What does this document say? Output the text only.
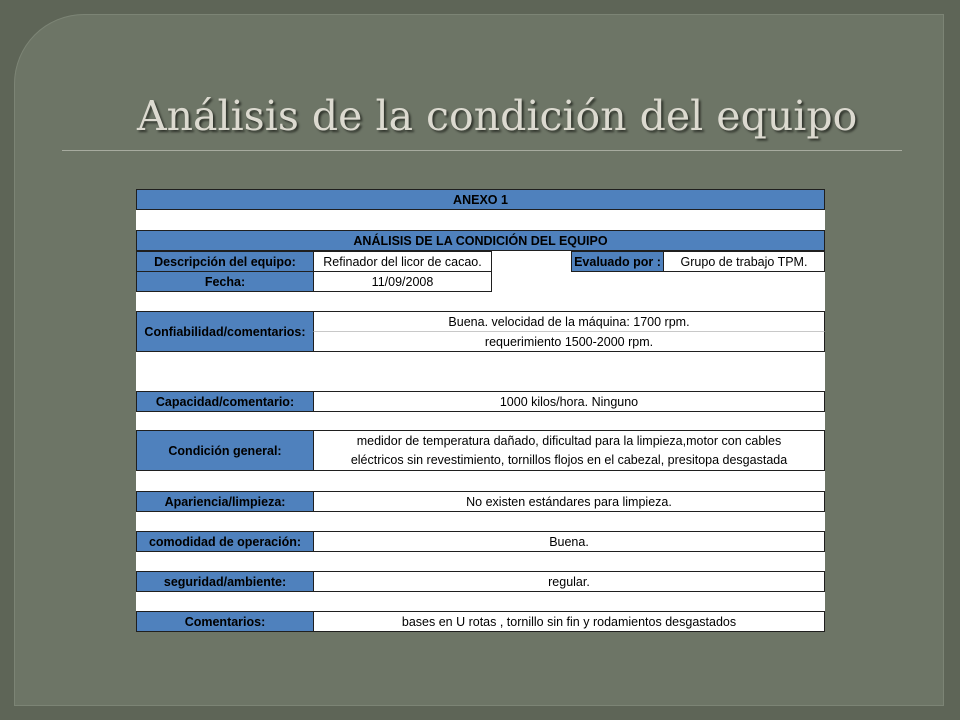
Análisis de la condición del equipo
ANEXO 1
ANÁLISIS DE LA CONDICIÓN DEL EQUIPO
Descripción del equipo:	Refinador del licor de cacao.	Evaluado por :	Grupo de trabajo TPM.
Fecha:	11/09/2008
Confiabilidad/comentarios:
Buena. velocidad de la máquina: 1700 rpm.
requerimiento 1500-2000 rpm.
Capacidad/comentario:	1000 kilos/hora. Ninguno
Condición general:
medidor de temperatura dañado, dificultad para la limpieza,motor con cables
eléctricos sin revestimiento, tornillos flojos en el cabezal, presitopa desgastada
Apariencia/limpieza:	No existen estándares para limpieza.
comodidad de operación:	Buena.
seguridad/ambiente:	regular.
Comentarios:	bases en U rotas , tornillo sin fin y rodamientos desgastados
